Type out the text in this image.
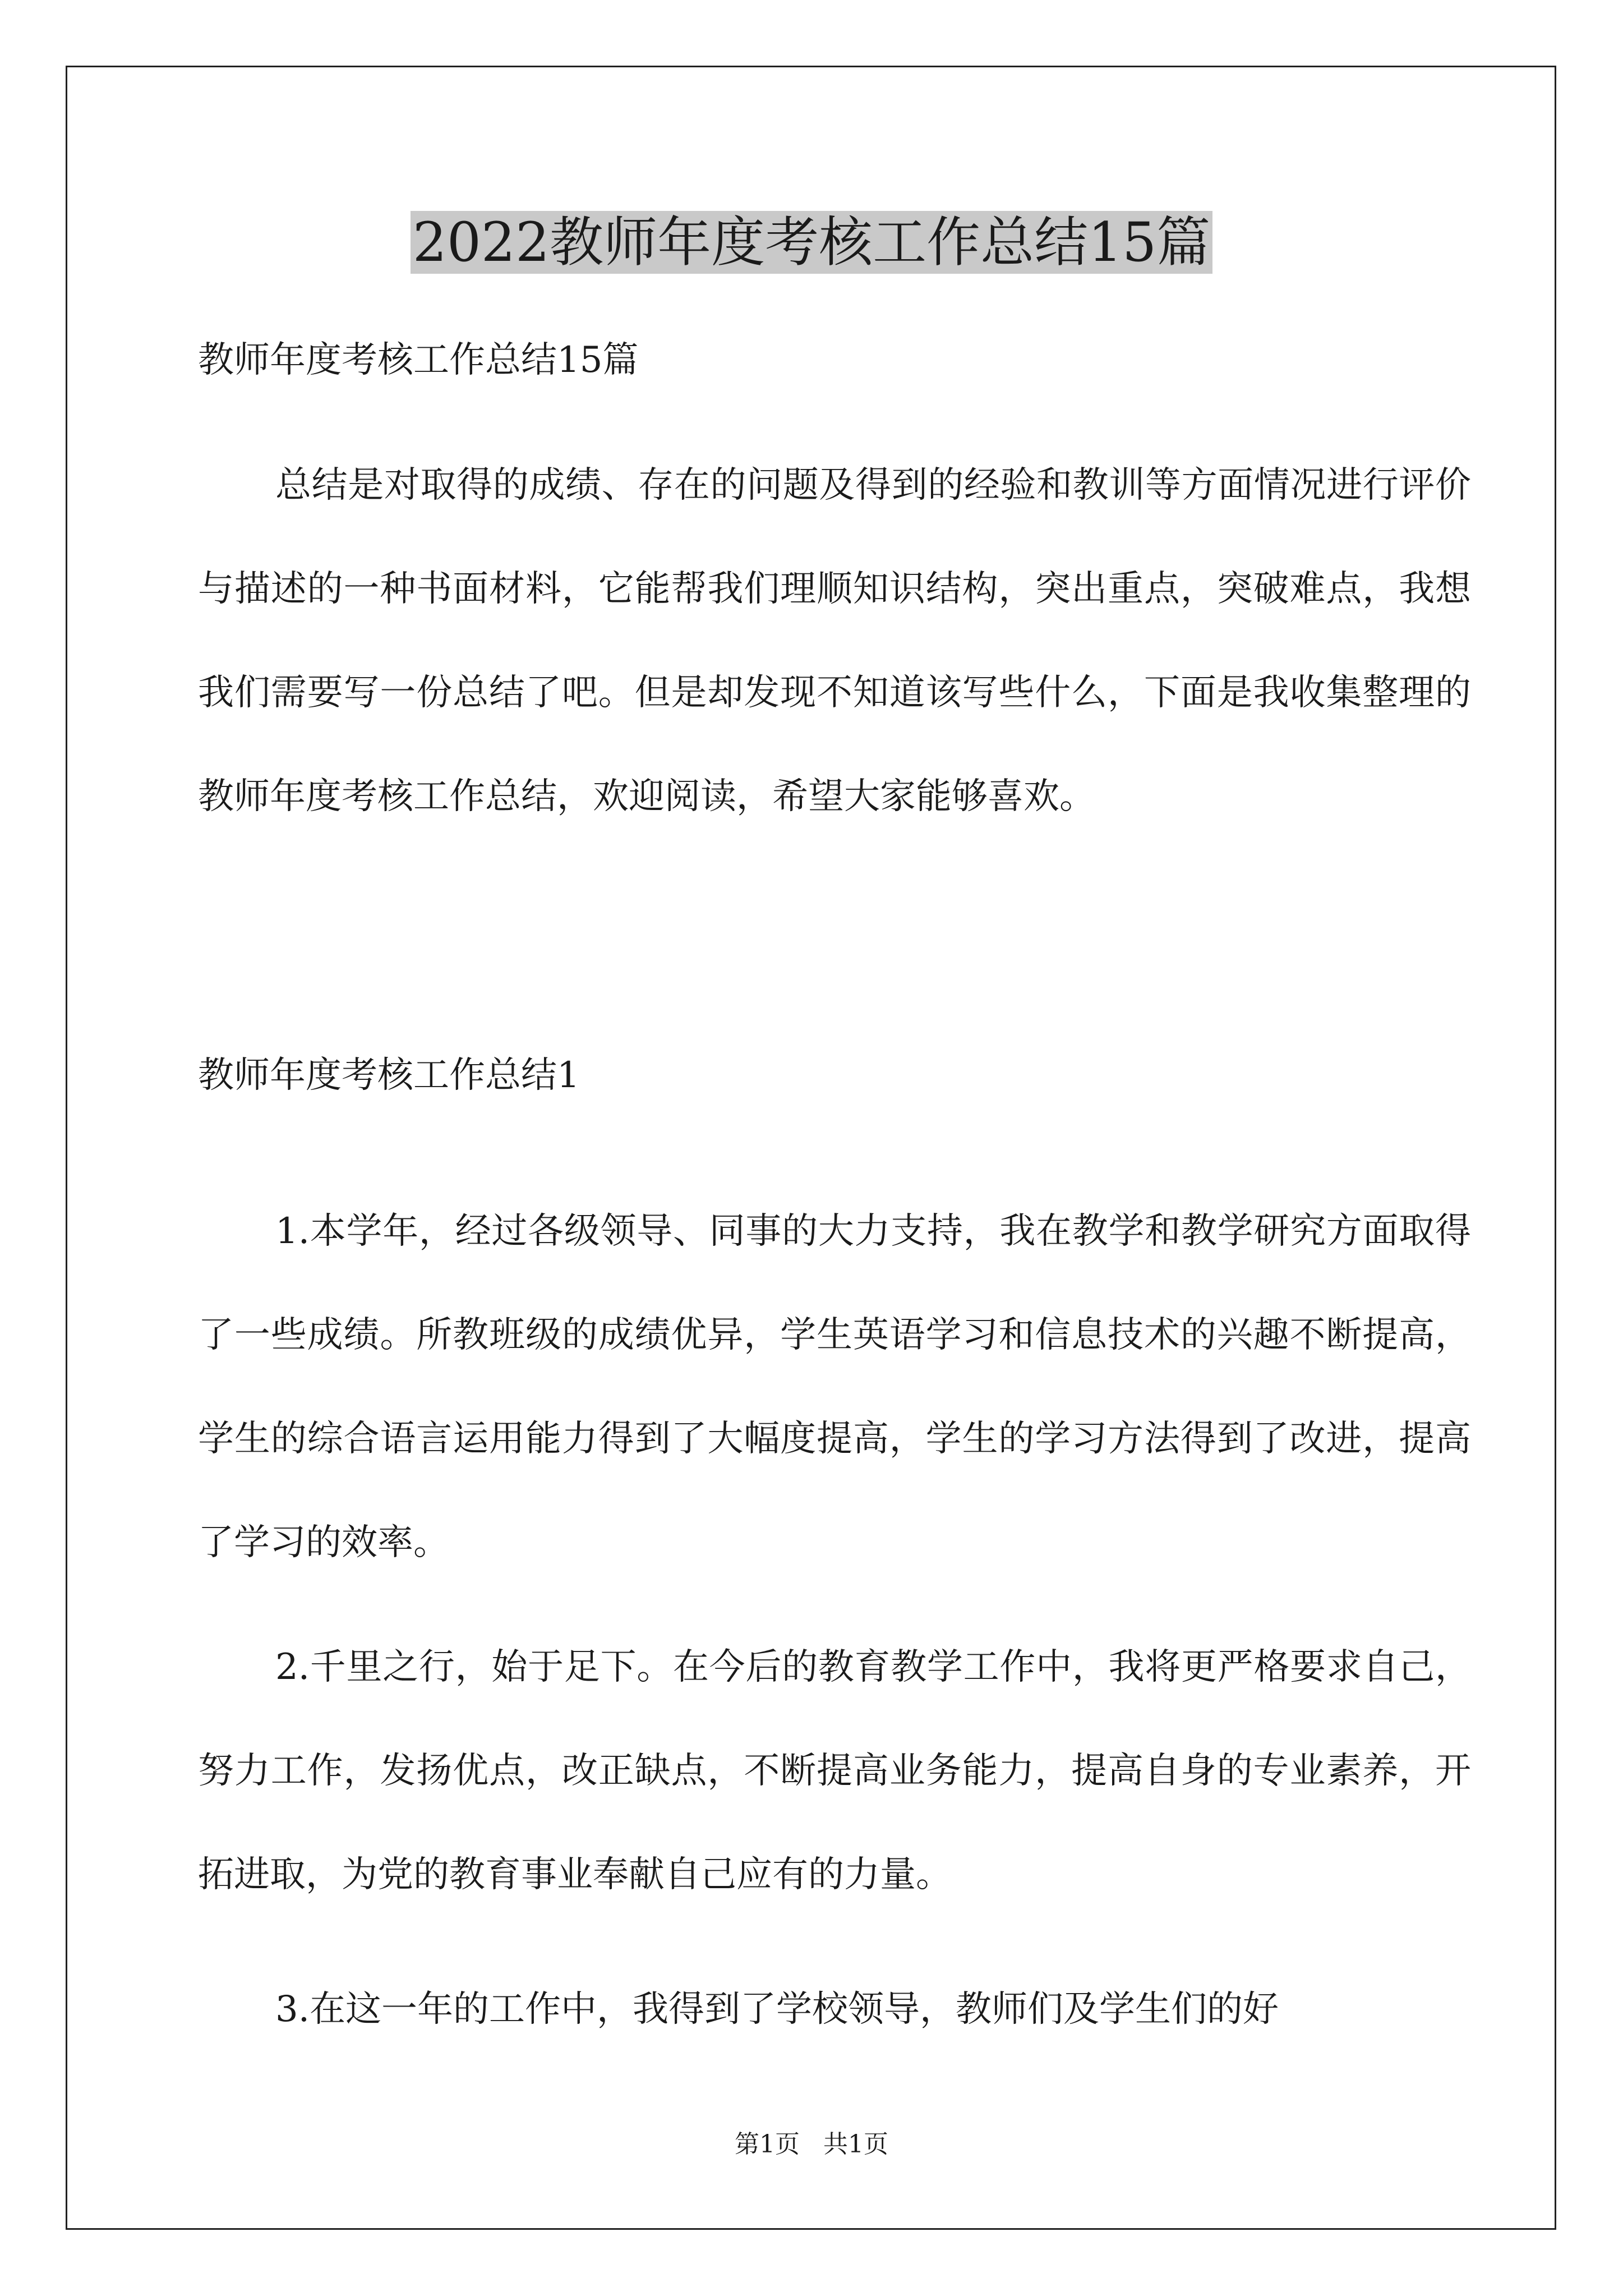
2022教师年度考核工作总结15篇

教师年度考核工作总结15篇

总结是对取得的成绩、存在的问题及得到的经验和教训等方面情况进行评价与描述的一种书面材料，它能帮我们理顺知识结构，突出重点，突破难点，我想我们需要写一份总结了吧。但是却发现不知道该写些什么，下面是我收集整理的教师年度考核工作总结，欢迎阅读，希望大家能够喜欢。

教师年度考核工作总结1

1.本学年，经过各级领导、同事的大力支持，我在教学和教学研究方面取得了一些成绩。所教班级的成绩优异，学生英语学习和信息技术的兴趣不断提高，学生的综合语言运用能力得到了大幅度提高，学生的学习方法得到了改进，提高了学习的效率。

2.千里之行，始于足下。在今后的教育教学工作中，我将更严格要求自己，努力工作，发扬优点，改正缺点，不断提高业务能力，提高自身的专业素养，开拓进取，为党的教育事业奉献自己应有的力量。

3.在这一年的工作中，我得到了学校领导，教师们及学生们的好

第1页 共1页
